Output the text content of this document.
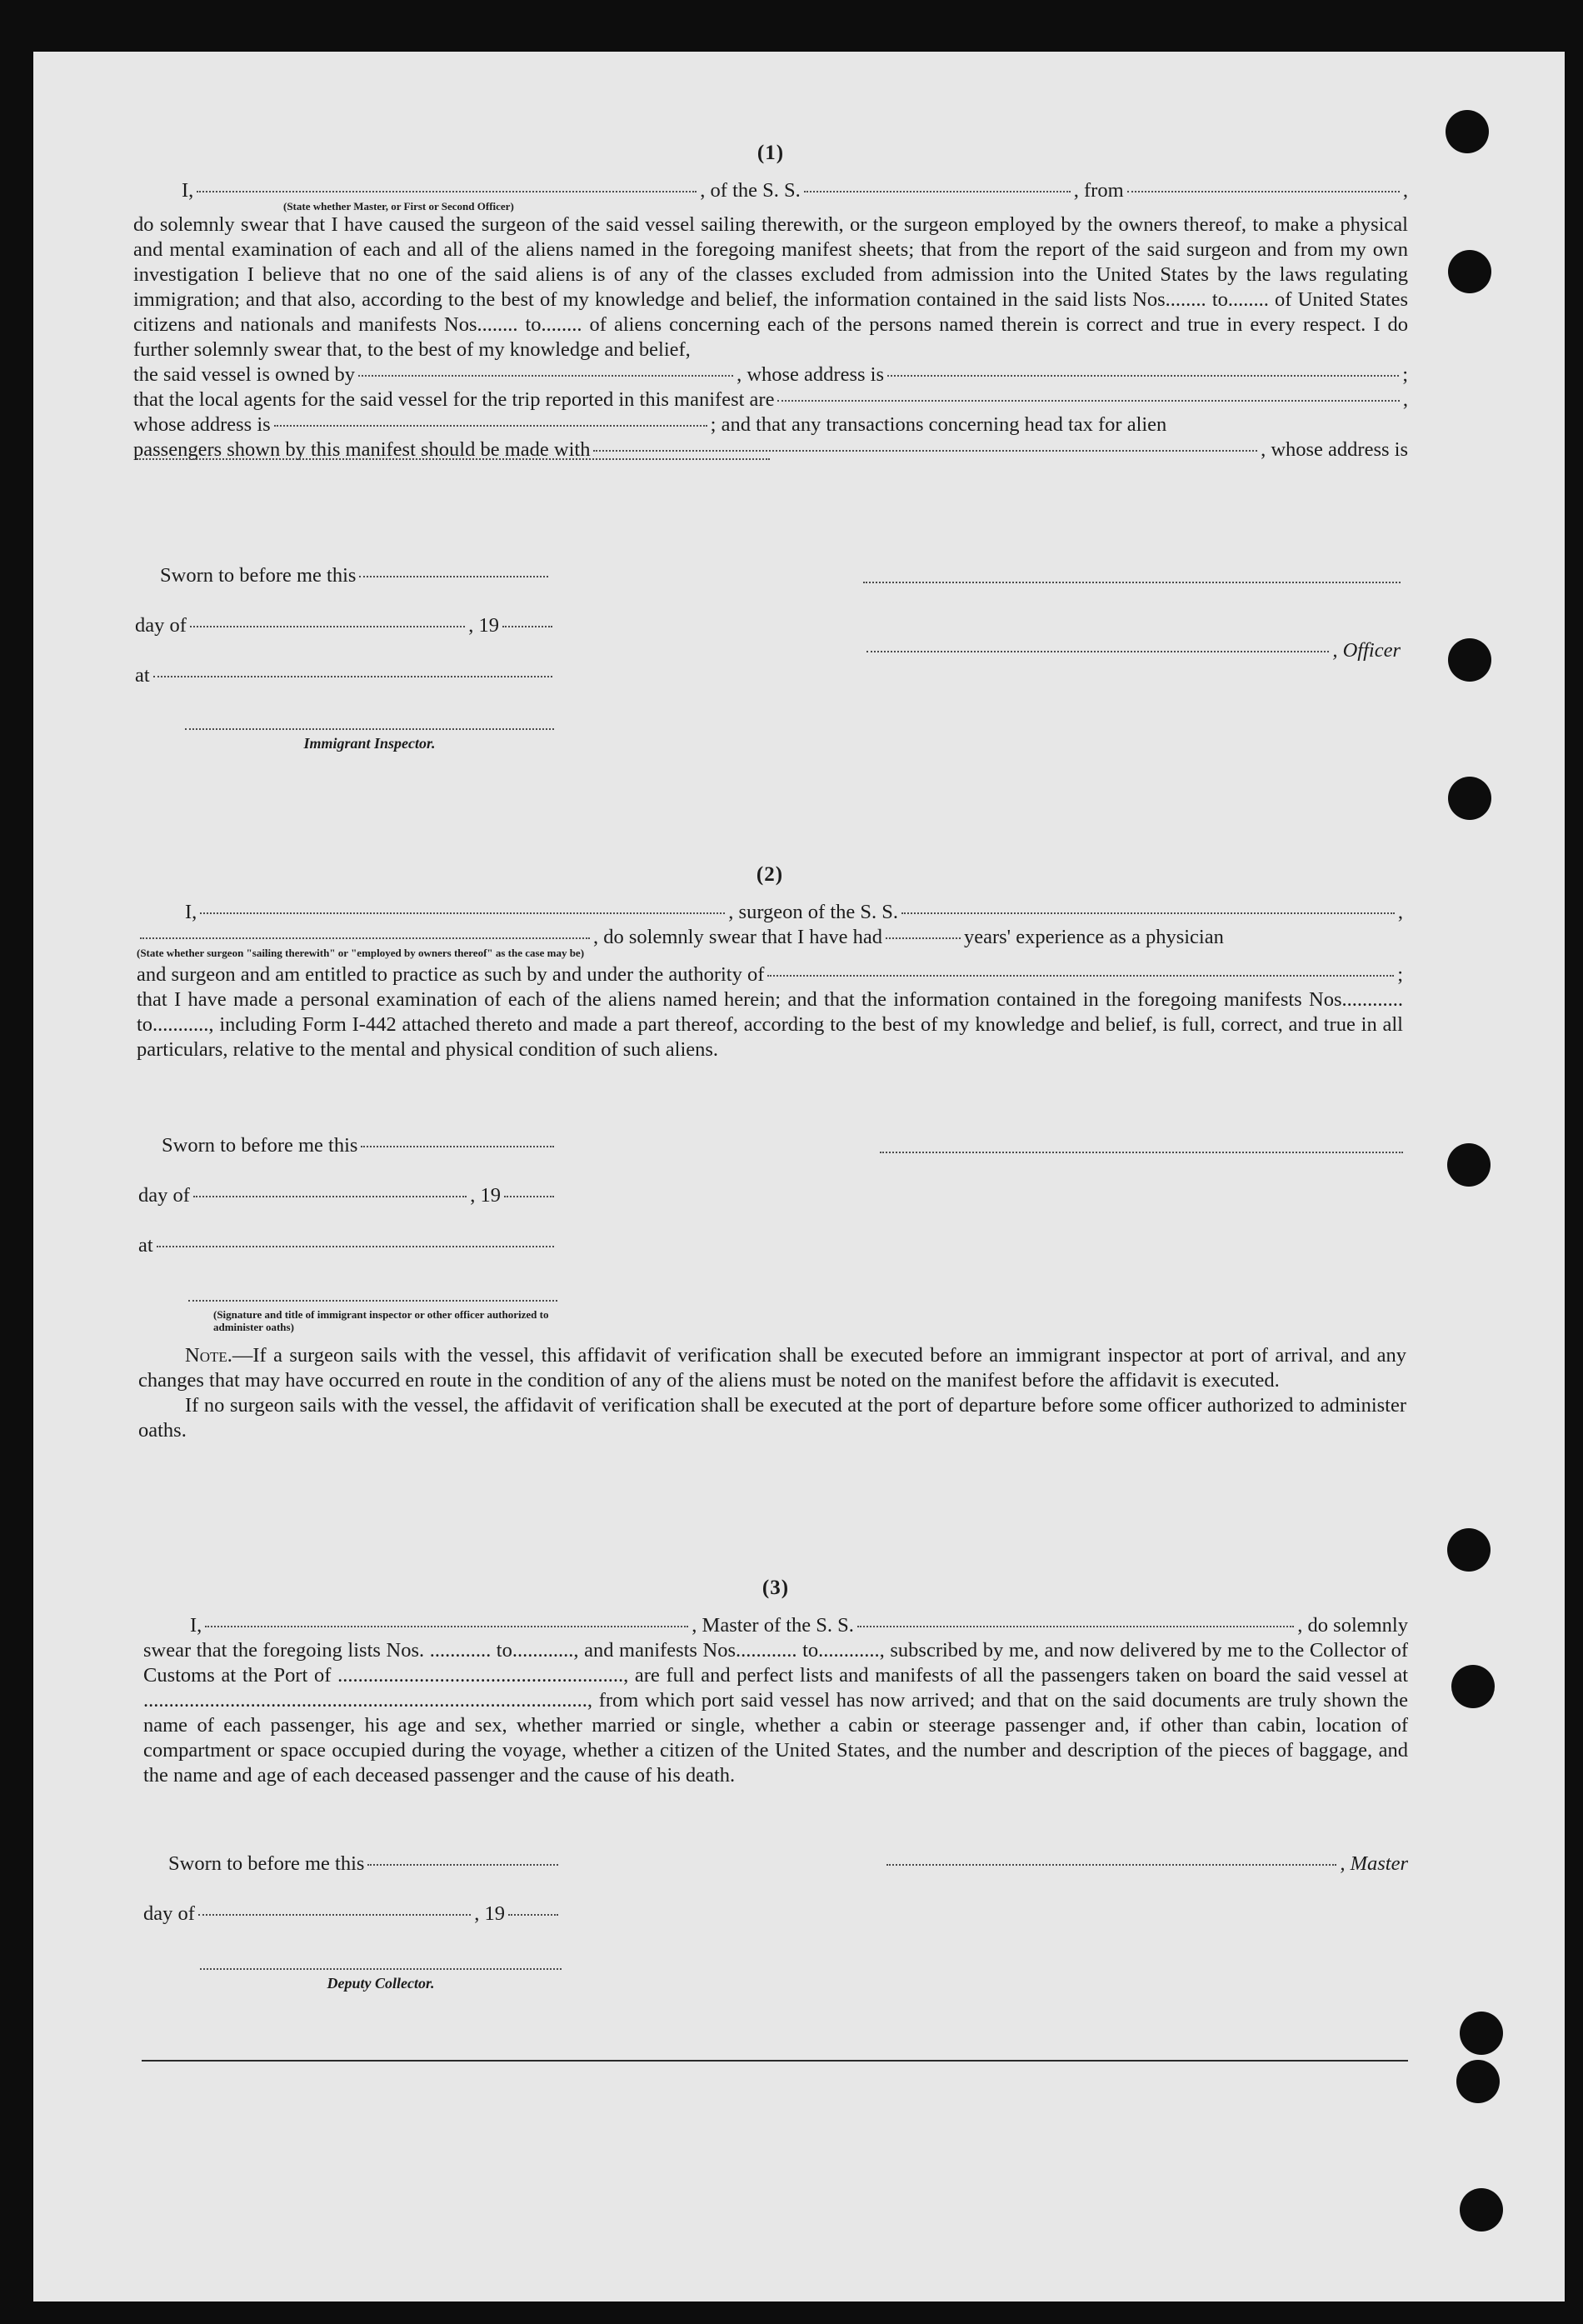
(1)
I,	, of the S. S.	, from	,
(State whether Master, or First or Second Officer)

do solemnly swear that I have caused the surgeon of the said vessel sailing therewith, or the surgeon employed by the owners thereof, to make a physical and mental examination of each and all of the aliens named in the foregoing manifest sheets; that from the report of the said surgeon and from my own investigation I believe that no one of the said aliens is of any of the classes excluded from admission into the United States by the laws regulating immigration; and that also, according to the best of my knowledge and belief, the information contained in the said lists Nos........ to........ of United States citizens and nationals and manifests Nos........ to........ of aliens concerning each of the persons named therein is correct and true in every respect. I do further solemnly swear that, to the best of my knowledge and belief,

the said vessel is owned by	, whose address is	;
that the local agents for the said vessel for the trip reported in this manifest are	,
whose address is	; and that any transactions concerning head tax for alien
passengers shown by this manifest should be made with	, whose address is
Sworn to before me this
day of	, 19
, Officer
at
Immigrant Inspector.
(2)
I,	, surgeon of the S. S.	,
, do solemnly swear that I have had	years' experience as a physician
(State whether surgeon "sailing therewith" or "employed by owners thereof" as the case may be)
and surgeon and am entitled to practice as such by and under the authority of	;

that I have made a personal examination of each of the aliens named herein; and that the information contained in the foregoing manifests Nos............ to..........., including Form I-442 attached thereto and made a part thereof, according to the best of my knowledge and belief, is full, correct, and true in all particulars, relative to the mental and physical condition of such aliens.

Sworn to before me this
day of	, 19
at
(Signature and title of immigrant inspector or other officer authorized to administer oaths)

Note.—If a surgeon sails with the vessel, this affidavit of verification shall be executed before an immigrant inspector at port of arrival, and any changes that may have occurred en route in the condition of any of the aliens must be noted on the manifest before the affidavit is executed.

If no surgeon sails with the vessel, the affidavit of verification shall be executed at the port of departure before some officer authorized to administer oaths.

(3)
I,	, Master of the S. S.	, do solemnly

swear that the foregoing lists Nos. ............ to............, and manifests Nos............ to............, subscribed by me, and now delivered by me to the Collector of Customs at the Port of ........................................................, are full and perfect lists and manifests of all the passengers taken on board the said vessel at ......................................................................................., from which port said vessel has now arrived; and that on the said documents are truly shown the name of each passenger, his age and sex, whether married or single, whether a cabin or steerage passenger and, if other than cabin, location of compartment or space occupied during the voyage, whether a citizen of the United States, and the number and description of the pieces of baggage, and the name and age of each deceased passenger and the cause of his death.

Sworn to before me this	, Master
day of	, 19
Deputy Collector.
